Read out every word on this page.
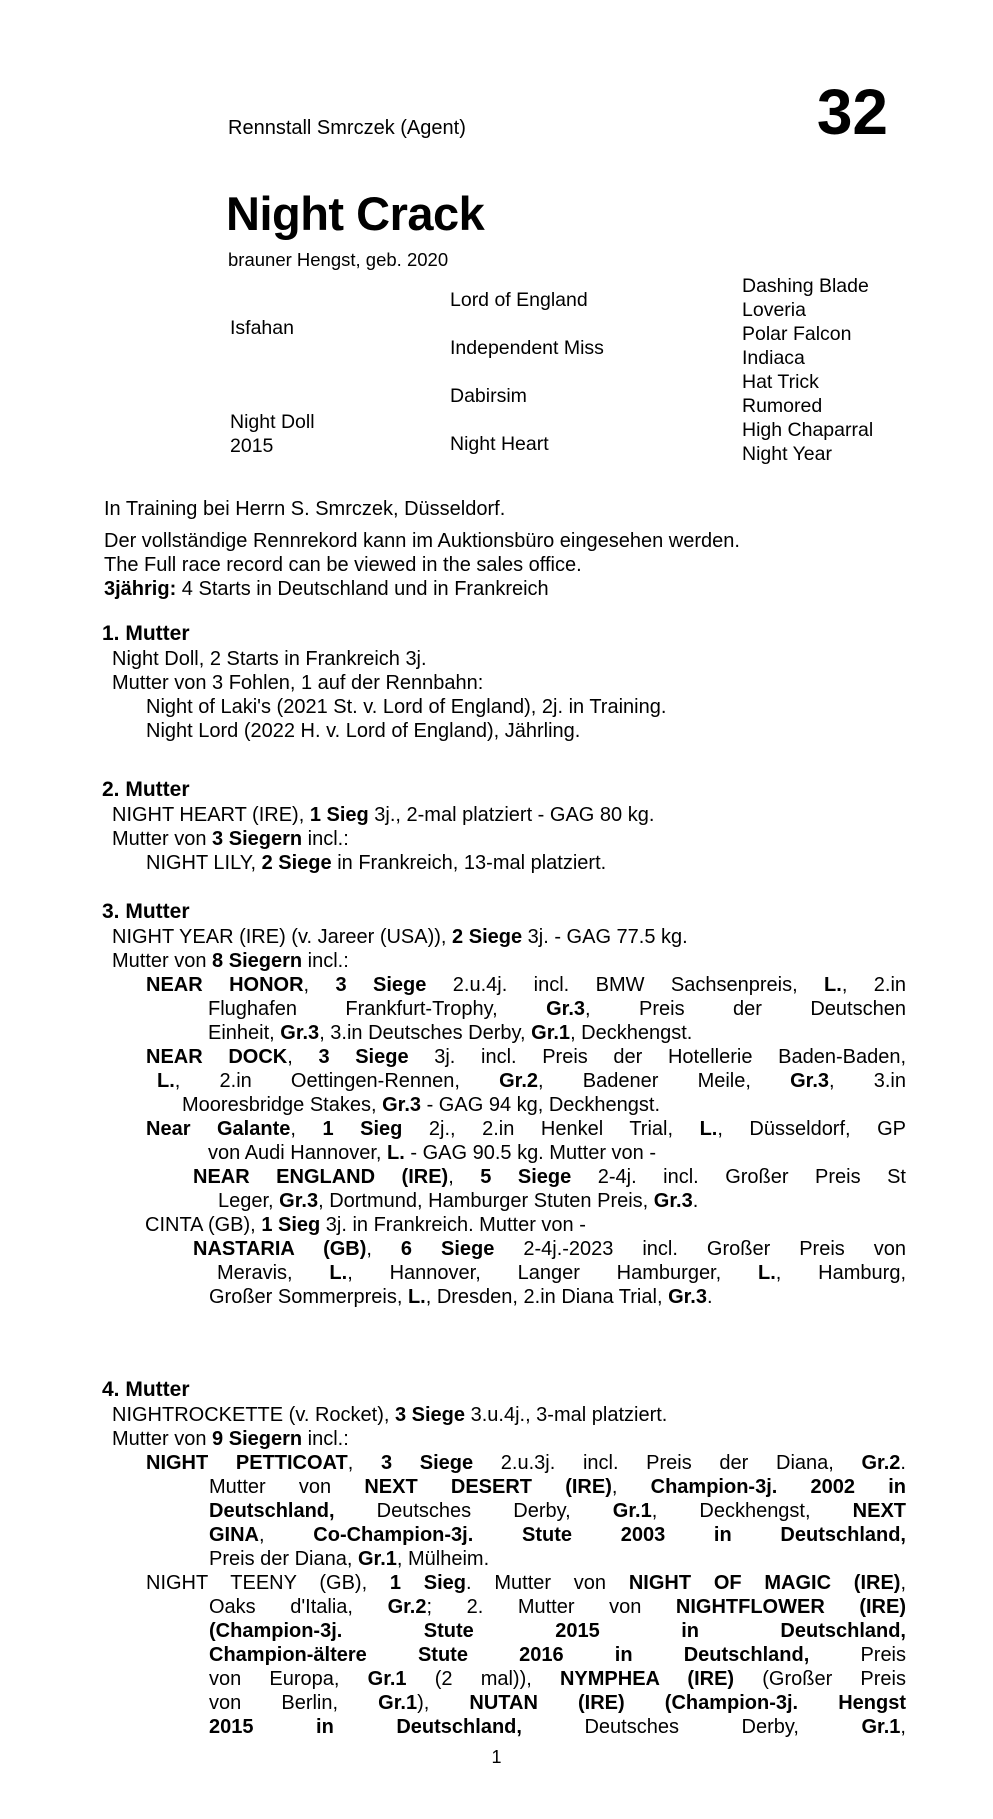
Rennstall Smrczek (Agent)	32
Night Crack
brauner Hengst, geb. 2020
Isfahan
Night Doll
2015
Lord of England
Independent Miss
Dabirsim
Night Heart
Dashing Blade
Loveria
Polar Falcon
Indiaca
Hat Trick
Rumored
High Chaparral
Night Year
In Training bei Herrn S. Smrczek, Düsseldorf.
Der vollständige Rennrekord kann im Auktionsbüro eingesehen werden.
The Full race record can be viewed in the sales office.
3jährig: 4 Starts in Deutschland und in Frankreich
1. Mutter
Night Doll, 2 Starts in Frankreich 3j.
Mutter von 3 Fohlen, 1 auf der Rennbahn:
Night of Laki's (2021 St. v. Lord of England), 2j. in Training.
Night Lord (2022 H. v. Lord of England), Jährling.
2. Mutter
NIGHT HEART (IRE), 1 Sieg 3j., 2-mal platziert - GAG 80 kg.
Mutter von 3 Siegern incl.:
NIGHT LILY, 2 Siege in Frankreich, 13-mal platziert.
3. Mutter
NIGHT YEAR (IRE) (v. Jareer (USA)), 2 Siege 3j. - GAG 77.5 kg.
Mutter von 8 Siegern incl.:
NEAR HONOR, 3 Siege 2.u.4j. incl. BMW Sachsenpreis, L., 2.in
Flughafen Frankfurt-Trophy, Gr.3, Preis der Deutschen
Einheit, Gr.3, 3.in Deutsches Derby, Gr.1, Deckhengst.
NEAR DOCK, 3 Siege 3j. incl. Preis der Hotellerie Baden-Baden,
L., 2.in Oettingen-Rennen, Gr.2, Badener Meile, Gr.3, 3.in
Mooresbridge Stakes, Gr.3 - GAG 94 kg, Deckhengst.
Near Galante, 1 Sieg 2j., 2.in Henkel Trial, L., Düsseldorf, GP
von Audi Hannover, L. - GAG 90.5 kg. Mutter von -
NEAR ENGLAND (IRE), 5 Siege 2-4j. incl. Großer Preis St
Leger, Gr.3, Dortmund, Hamburger Stuten Preis, Gr.3.
CINTA (GB), 1 Sieg 3j. in Frankreich. Mutter von -
NASTARIA (GB), 6 Siege 2-4j.-2023 incl. Großer Preis von
Meravis, L., Hannover, Langer Hamburger, L., Hamburg,
Großer Sommerpreis, L., Dresden, 2.in Diana Trial, Gr.3.
4. Mutter
NIGHTROCKETTE (v. Rocket), 3 Siege 3.u.4j., 3-mal platziert.
Mutter von 9 Siegern incl.:
NIGHT PETTICOAT, 3 Siege 2.u.3j. incl. Preis der Diana, Gr.2.
Mutter von NEXT DESERT (IRE), Champion-3j. 2002 in
Deutschland, Deutsches Derby, Gr.1, Deckhengst, NEXT
GINA, Co-Champion-3j. Stute 2003 in Deutschland,
Preis der Diana, Gr.1, Mülheim.
NIGHT TEENY (GB), 1 Sieg. Mutter von NIGHT OF MAGIC (IRE),
Oaks d'Italia, Gr.2; 2. Mutter von NIGHTFLOWER (IRE)
(Champion-3j. Stute 2015 in Deutschland,
Champion-ältere Stute 2016 in Deutschland, Preis
von Europa, Gr.1 (2 mal)), NYMPHEA (IRE) (Großer Preis
von Berlin, Gr.1), NUTAN (IRE) (Champion-3j. Hengst
2015 in Deutschland, Deutsches Derby, Gr.1,
1
